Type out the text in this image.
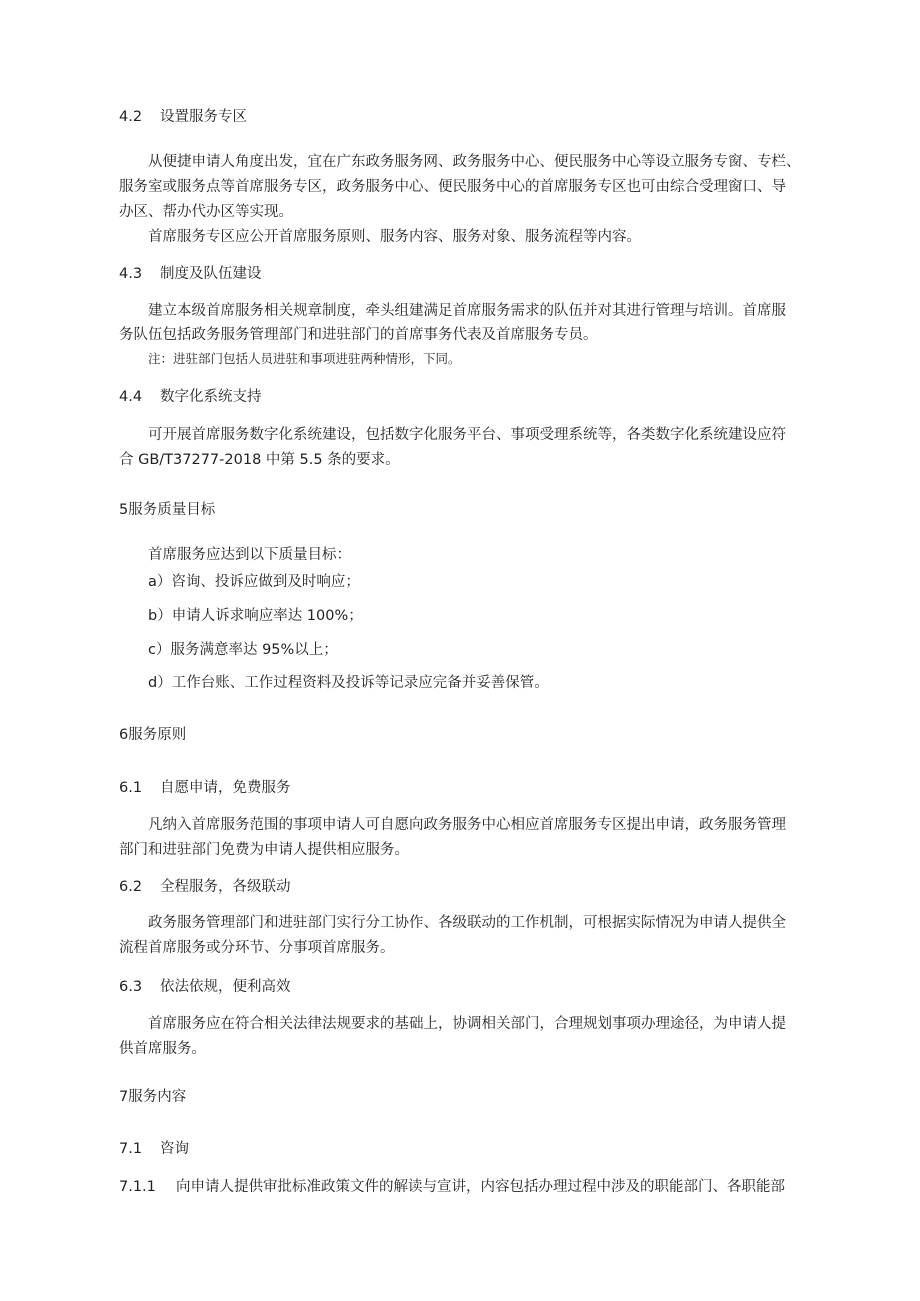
4.2 设置服务专区
从便捷申请人角度出发，宜在广东政务服务网、政务服务中心、便民服务中心等设立服务专窗、专栏、
服务室或服务点等首席服务专区，政务服务中心、便民服务中心的首席服务专区也可由综合受理窗口、导
办区、帮办代办区等实现。
首席服务专区应公开首席服务原则、服务内容、服务对象、服务流程等内容。
4.3 制度及队伍建设
建立本级首席服务相关规章制度，牵头组建满足首席服务需求的队伍并对其进行管理与培训。首席服
务队伍包括政务服务管理部门和进驻部门的首席事务代表及首席服务专员。
注：进驻部门包括人员进驻和事项进驻两种情形，下同。
4.4 数字化系统支持
可开展首席服务数字化系统建设，包括数字化服务平台、事项受理系统等，各类数字化系统建设应符
合 GB/T37277-2018 中第 5.5 条的要求。
5服务质量目标
首席服务应达到以下质量目标：
a）咨询、投诉应做到及时响应；
b）申请人诉求响应率达 100%；
c）服务满意率达 95%以上；
d）工作台账、工作过程资料及投诉等记录应完备并妥善保管。
6服务原则
6.1 自愿申请，免费服务
凡纳入首席服务范围的事项申请人可自愿向政务服务中心相应首席服务专区提出申请，政务服务管理
部门和进驻部门免费为申请人提供相应服务。
6.2 全程服务，各级联动
政务服务管理部门和进驻部门实行分工协作、各级联动的工作机制，可根据实际情况为申请人提供全
流程首席服务或分环节、分事项首席服务。
6.3 依法依规，便利高效
首席服务应在符合相关法律法规要求的基础上，协调相关部门，合理规划事项办理途径，为申请人提
供首席服务。
7服务内容
7.1 咨询
7.1.1 向申请人提供审批标准政策文件的解读与宣讲，内容包括办理过程中涉及的职能部门、各职能部
